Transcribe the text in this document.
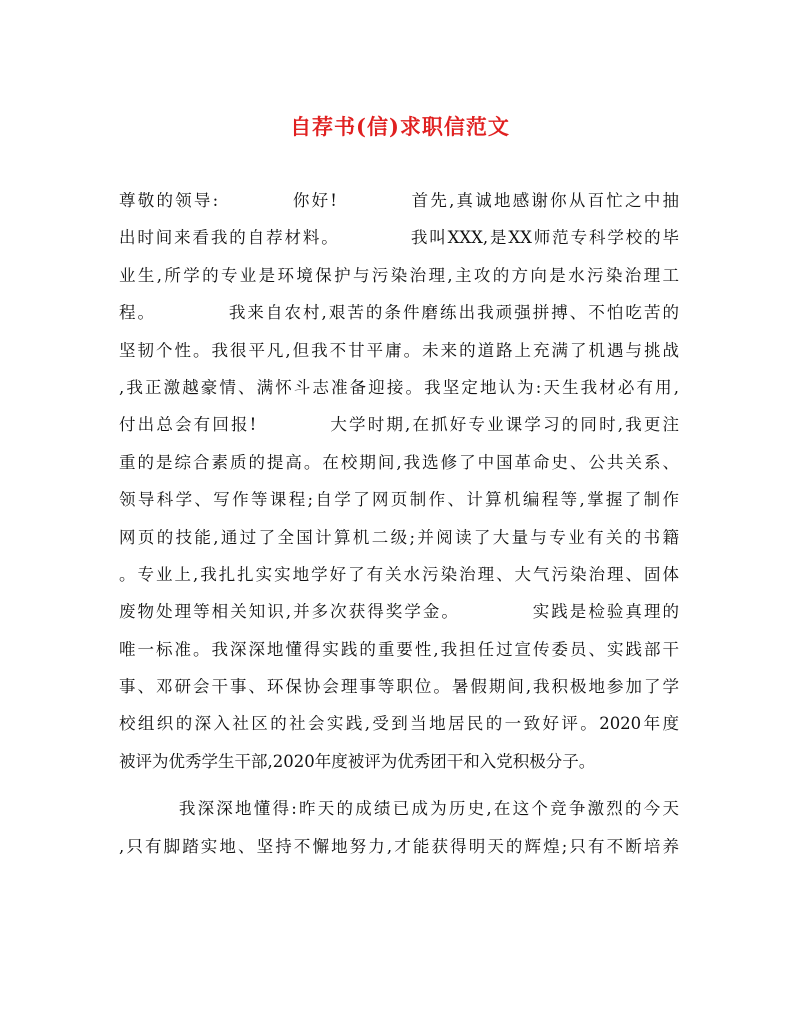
自荐书(信)求职信范文
尊敬的领导:          你好!          首先,真诚地感谢你从百忙之中抽
出时间来看我的自荐材料。          我叫XXX,是XX师范专科学校的毕
业生,所学的专业是环境保护与污染治理,主攻的方向是水污染治理工
程。          我来自农村,艰苦的条件磨练出我顽强拼搏、不怕吃苦的
坚韧个性。我很平凡,但我不甘平庸。未来的道路上充满了机遇与挑战
,我正激越豪情、满怀斗志准备迎接。我坚定地认为:天生我材必有用,
付出总会有回报!          大学时期,在抓好专业课学习的同时,我更注
重的是综合素质的提高。在校期间,我选修了中国革命史、公共关系、
领导科学、写作等课程;自学了网页制作、计算机编程等,掌握了制作
网页的技能,通过了全国计算机二级;并阅读了大量与专业有关的书籍
。专业上,我扎扎实实地学好了有关水污染治理、大气污染治理、固体
废物处理等相关知识,并多次获得奖学金。          实践是检验真理的
唯一标准。我深深地懂得实践的重要性,我担任过宣传委员、实践部干
事、邓研会干事、环保协会理事等职位。暑假期间,我积极地参加了学
校组织的深入社区的社会实践,受到当地居民的一致好评。2020年度
被评为优秀学生干部,2020年度被评为优秀团干和入党积极分子。
我深深地懂得:昨天的成绩已成为历史,在这个竞争激烈的今天
,只有脚踏实地、坚持不懈地努力,才能获得明天的辉煌;只有不断培养
